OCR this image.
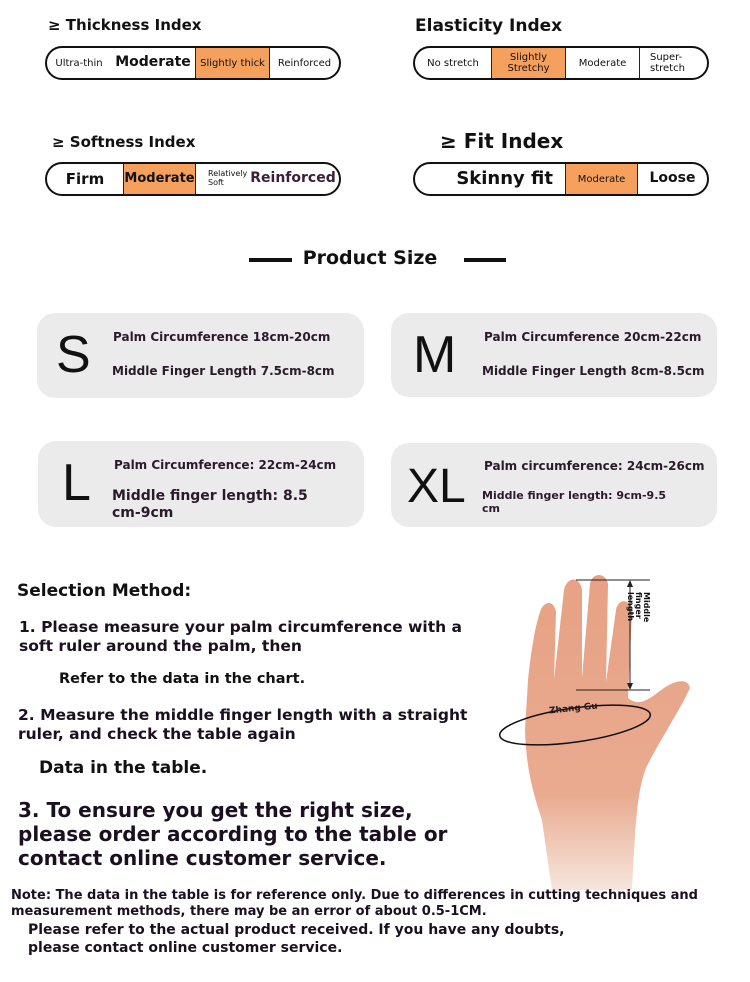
≥ Thickness Index
Ultra-thin Moderate Slightly thick	Reinforced
Elasticity Index
No stretch	Slightly Stretchy	Moderate	Super-stretch
≥ Softness Index
Firm	Moderate	Relatively Soft	Reinforced
≥ Fit Index
Skinny fit	Moderate	Loose
Product Size
S Palm Circumference 18cm-20cm
Middle Finger Length 7.5cm-8cm M Palm Circumference 20cm-22cm
Middle Finger Length 8cm-8.5cm
L Palm Circumference: 22cm-24cm
Middle finger length: 8.5 cm-9cm	XL Palm circumference: 24cm-26cm
Middle finger length: 9cm-9.5 cm
Middle finger length
Zhang Gu
Selection Method:
1. Please measure your palm circumference with a soft ruler around the palm, then
Refer to the data in the chart.
2. Measure the middle finger length with a straight ruler, and check the table again
Data in the table.
3. To ensure you get the right size, please order according to the table or contact online customer service.
Note: The data in the table is for reference only. Due to differences in cutting techniques and measurement methods, there may be an error of about 0.5-1CM.
Please refer to the actual product received. If you have any doubts, please contact online customer service.
